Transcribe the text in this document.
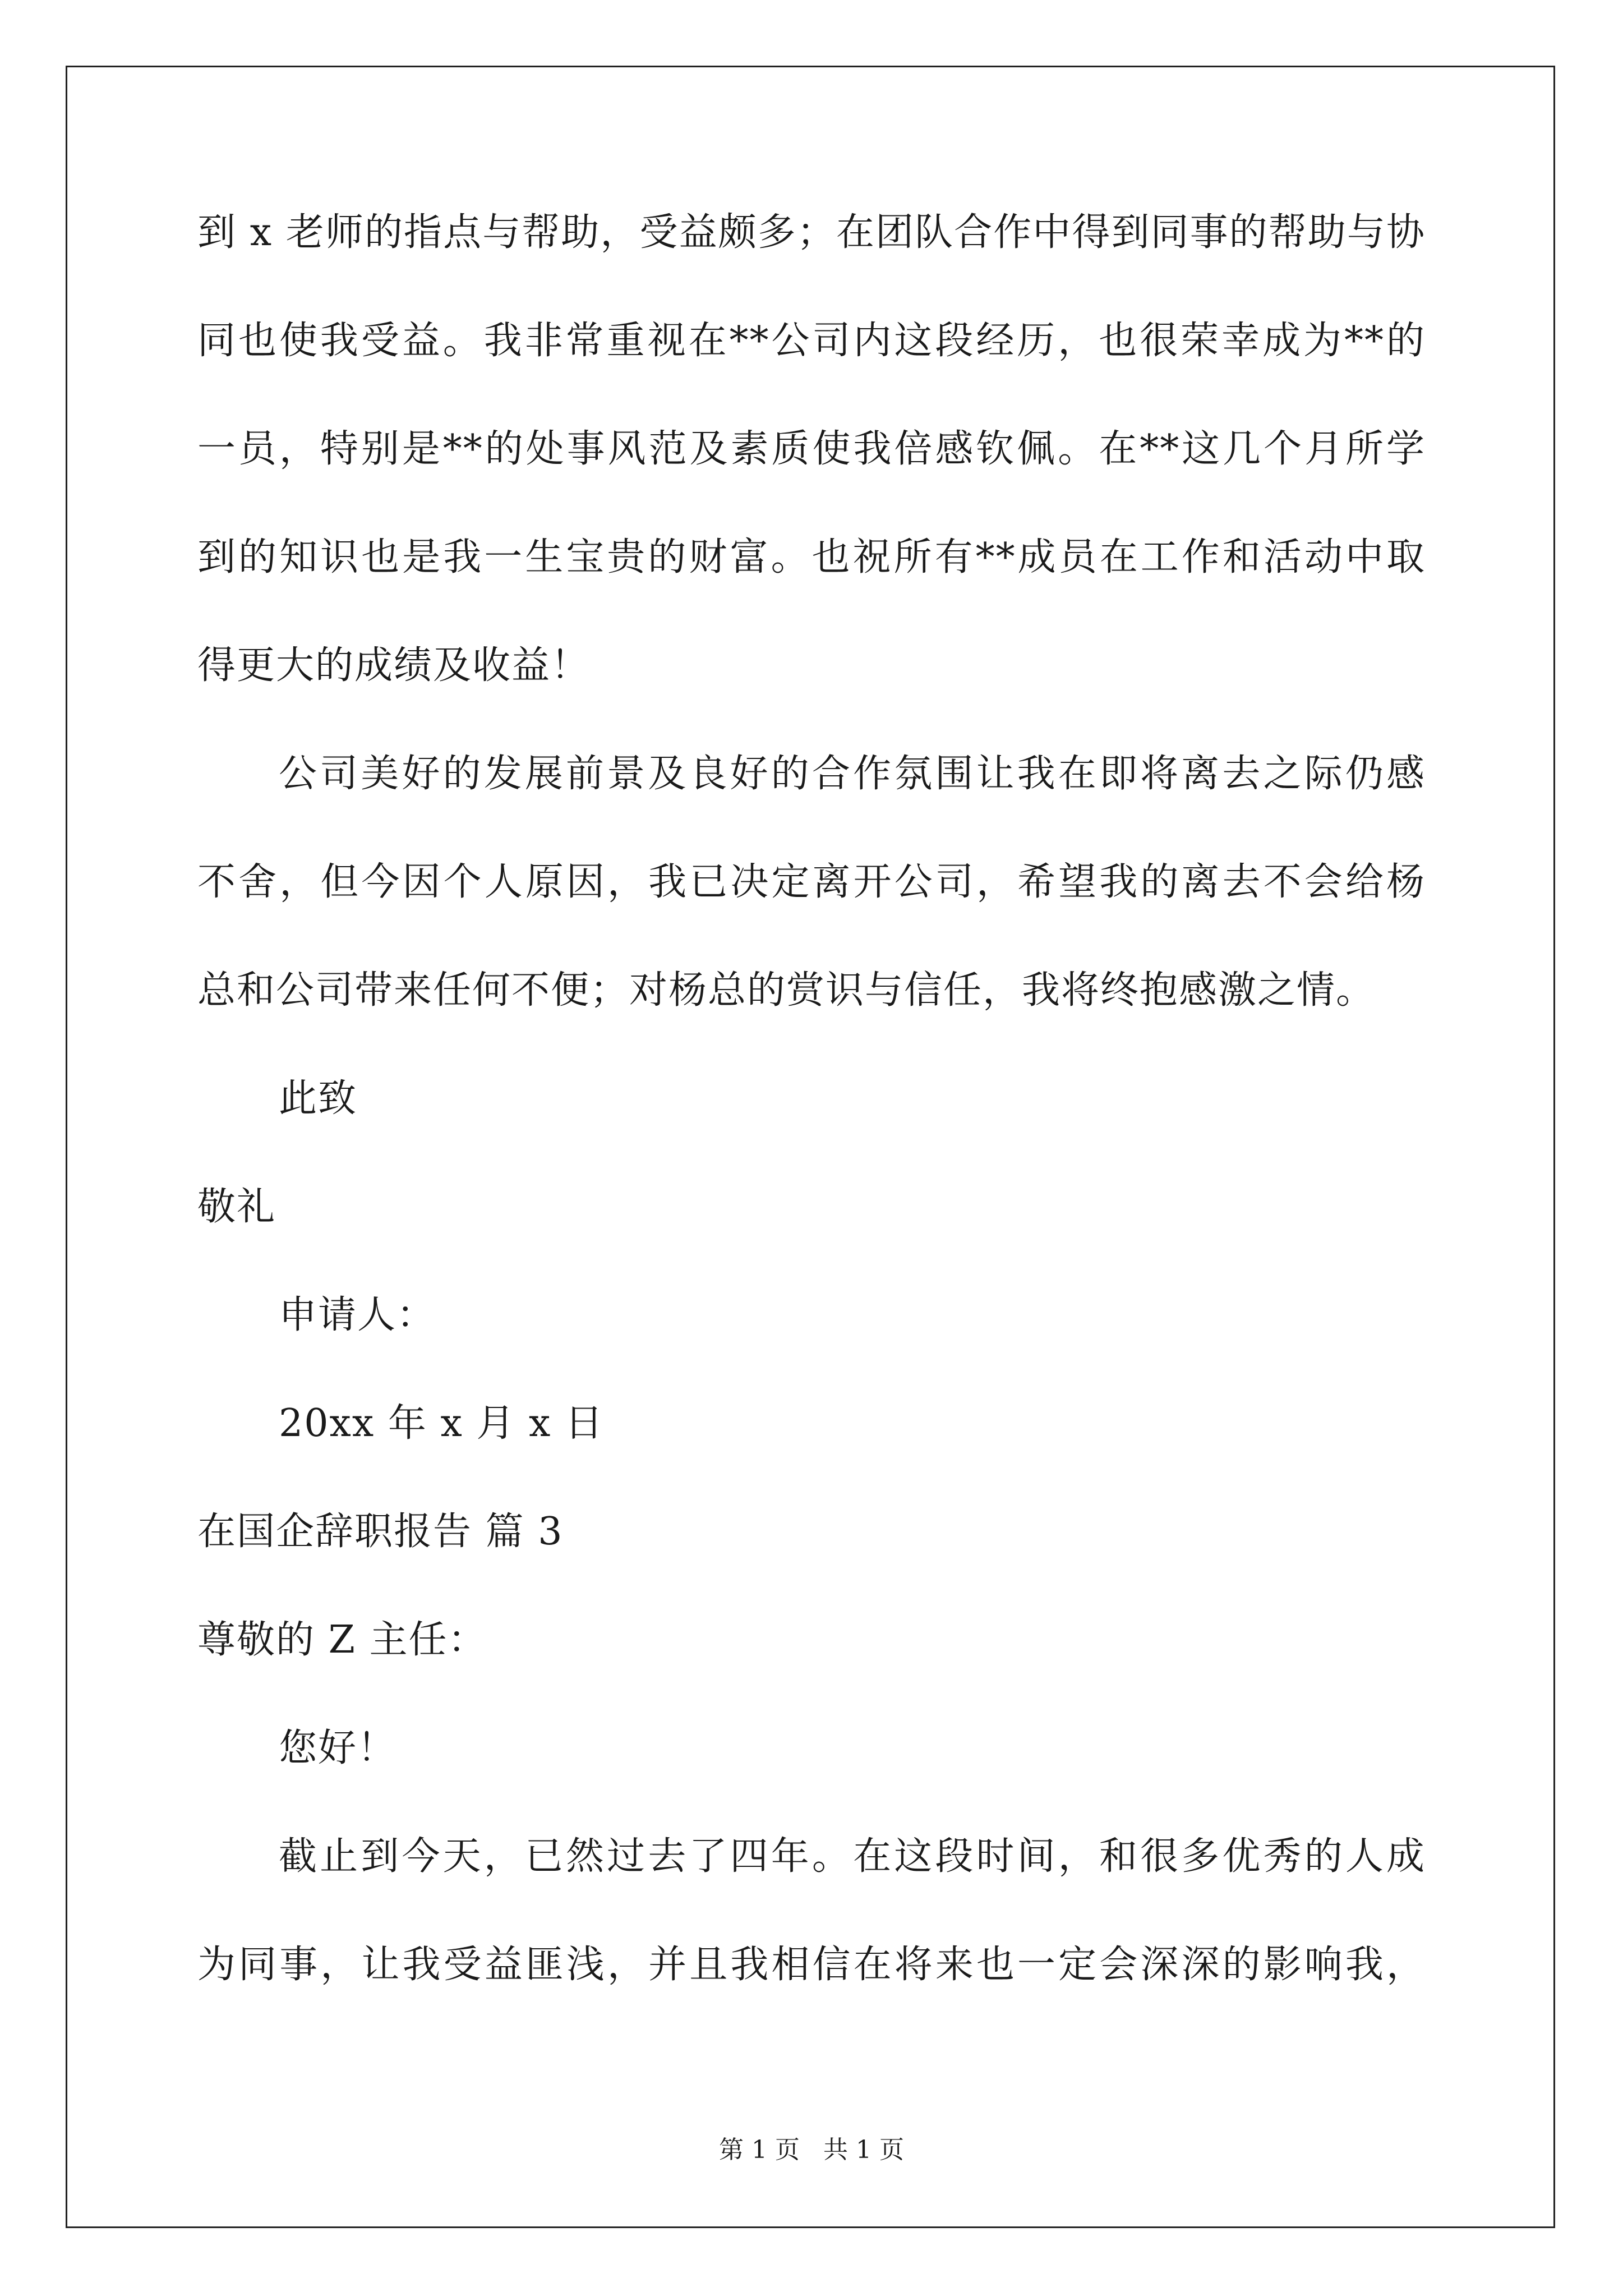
到 x 老师的指点与帮助，受益颇多；在团队合作中得到同事的帮助与协
同也使我受益。我非常重视在**公司内这段经历，也很荣幸成为**的
一员，特别是**的处事风范及素质使我倍感钦佩。在**这几个月所学
到的知识也是我一生宝贵的财富。也祝所有**成员在工作和活动中取
得更大的成绩及收益！
公司美好的发展前景及良好的合作氛围让我在即将离去之际仍感
不舍，但今因个人原因，我已决定离开公司，希望我的离去不会给杨
总和公司带来任何不便；对杨总的赏识与信任，我将终抱感激之情。
此致
敬礼
申请人：
20xx 年 x 月 x 日
在国企辞职报告 篇 3
尊敬的 Z 主任：
您好！
截止到今天，已然过去了四年。在这段时间，和很多优秀的人成
为同事，让我受益匪浅，并且我相信在将来也一定会深深的影响我，
第 1 页   共 1 页
